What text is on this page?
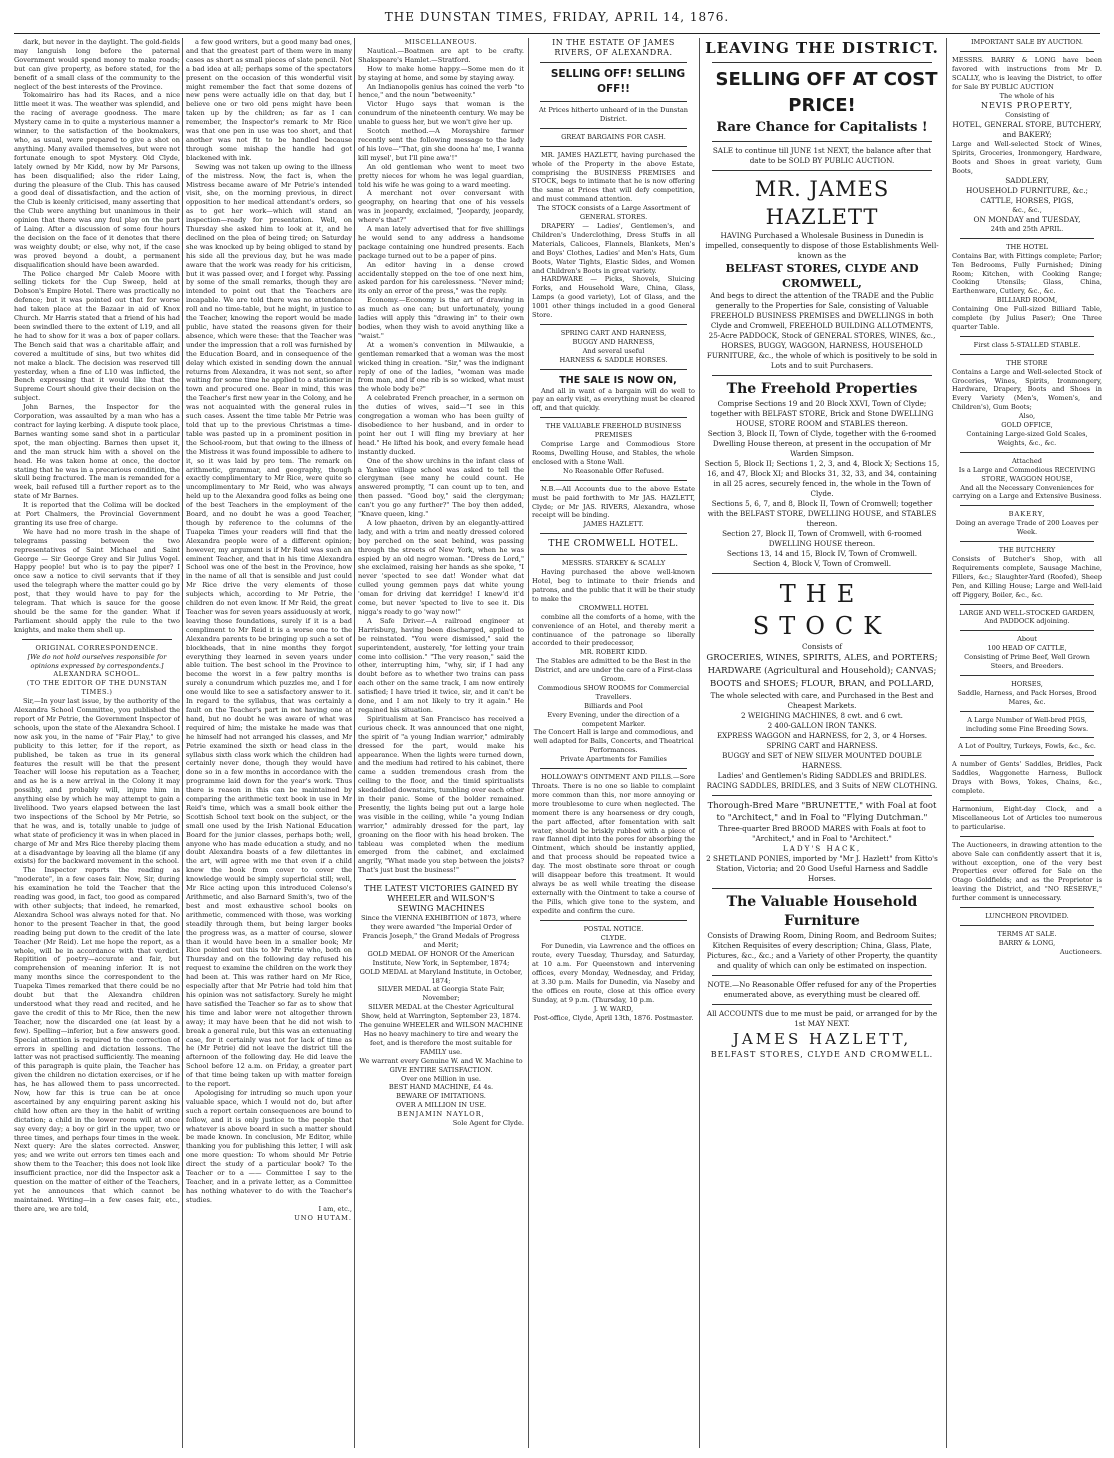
THE DUNSTAN TIMES, FRIDAY, APRIL 14, 1876.

dark, but never in the daylight. The gold-fields may languish long before the paternal Government would spend money to make roads; but can give property, as before stated, for the benefit of a small class of the community to the neglect of the best interests of the Province.

Tokomairiro has had its Races, and a nice little meet it was. The weather was splendid, and the racing of average goodness. The mare Mystery came in to quite a mysterious manner a winner, to the satisfaction of the bookmakers, who, as usual, were prepared to give a shot on anything. Many availed themselves, but were not fortunate enough to spot Mystery. Old Clyde, lately owned by Mr Kidd, now by Mr Parsons, has been disqualified; also the rider Laing, during the pleasure of the Club. This has caused a good deal of dissatisfaction, and the action of the Club is keenly criticised, many asserting that the Club were anything but unanimous in their opinion that there was any foul play on the part of Laing. After a discussion of some four hours the decision on the face of it denotes that there was weighty doubt; or else, why not, if the case was proved beyond a doubt, a permanent disqualification should have been awarded.

The Police charged Mr Caleb Moore with selling tickets for the Cup Sweep, held at Dobson's Empire Hotel. There was practically no defence; but it was pointed out that for worse had taken place at the Bazaar in aid of Knox Church. Mr Harris stated that a friend of his had been swindled there to the extent of L19, and all he had to show for it was a box of paper collars. The Bench said that was a charitable affair, and covered a multitude of sins, but two whites did not make a black. The decision was reserved till yesterday, when a fine of L10 was inflicted, the Bench expressing that it would like that the Supreme Court should give their decision on the subject.

John Barnes, the Inspector for the Corporation, was assaulted by a man who has a contract for laying kerbing. A dispute took place, Barnes wanting some sand shot in a particular spot, the man objecting. Barnes then upset it, and the man struck him with a shovel on the head. He was taken home at once, the doctor stating that he was in a precarious condition, the skull being fractured. The man is remanded for a week, bail refused till a further report as to the state of Mr Barnes.

It is reported that the Colima will be docked at Port Chalmers, the Provincial Government granting its use free of charge.

We have had no more trash in the shape of telegrams passing between the two representatives of Saint Michael and Saint George — Sir George Grey and Sir Julius Vogel. Happy people! but who is to pay the piper? I once saw a notice to civil servants that if they used the telegraph where the matter could go by post, that they would have to pay for the telegram. That which is sauce for the goose should be the same for the gander. What if Parliament should apply the rule to the two knights, and make them shell up.

ORIGINAL CORRESPONDENCE.

[We do not hold ourselves responsible for opinions expressed by correspondents.]

ALEXANDRA SCHOOL.

(TO THE EDITOR OF THE DUNSTAN TIMES.)

Sir,—In your last issue, by the authority of the Alexandra School Committee, you published the report of Mr Petrie, the Government Inspector of schools, upon the state of the Alexandra School. I now ask you, in the name of "Fair Play," to give publicity to this letter, for if the report, as published, be taken as true in its general features the result will be that the present Teacher will loose his reputation as a Teacher, and as he is a new arrival in the Colony it may possibly, and probably will, injure him in anything else by which he may attempt to gain a livelihood. Two years elapsed between the last two inspections of the School by Mr Petrie, so that he was, and is, totally unable to judge of what state of proficiency it was in when placed in charge of Mr and Mrs Rice thereby placing them at a disadvantage by leaving all the blame (if any exists) for the backward movement in the school.

The Inspector reports the reading as "moderate", in a few cases fair. Now, Sir, during his examination he told the Teacher that the reading was good, in fact, too good as compared with other subjects; that indeed, he remarked, Alexandra School was always noted for that. No honor to the present Teacher in that, the good reading being put down to the credit of the late Teacher (Mr Reid). Let me hope the report, as a whole, will be in accordance with that verdict. Repitition of poetry—accurate and fair, but comprehension of meaning inferior. It is not many months since the correspondent to the Tuapeka Times remarked that there could be no doubt but that the Alexandra children understood what they read and recited, and he gave the credit of this to Mr Rice, then the new Teacher, now the discarded one (at least by a few). Spelling—inferior, but a few answers good. Special attention is required to the correction of errors in spelling and dictation lessons. The latter was not practised sufficiently. The meaning of this paragraph is quite plain, the Teacher has given the children no dictation exercises, or if he has, he has allowed them to pass uncorrected. Now, how far this is true can be at once ascertained by any enquiring parent asking his child how often are they in the habit of writing dictation; a child in the lower room will at once say every day; a boy or girl in the upper, two or three times, and perhaps four times in the week. Next query: Are the slates corrected. Answer, yes; and we write out errors ten times each and show them to the Teacher; this does not look like insufficient practice, nor did the Inspector ask a question on the matter of either of the Teachers, yet he announces that which cannot be maintained. Writing—in a few cases fair, etc., there are, we are told,

a few good writers, but a good many bad ones, and that the greatest part of them were in many cases as short as small pieces of slate pencil. Not a bad idea at all; perhaps some of the spectators present on the occasion of this wonderful visit might remember the fact that some dozens of new pens were actually idle on that day, but I believe one or two old pens might have been taken up by the children; as far as I can remember, the Inspector's remark to Mr Rice was that one pen in use was too short, and that another was not fit to be handled because through some mishap the handle had got blackened with ink.

Sewing was not taken up owing to the illness of the mistress. Now, the fact is, when the Mistress became aware of Mr Petrie's intended visit, she, on the morning previous, in direct opposition to her medical attendant's orders, so as to get her work—which will stand an inspection—ready for presentation. Well, on Thursday she asked him to look at it, and he declined on the plea of being tired; on Saturday she was knocked up by being obliged to stand by his side all the previous day, but he was made aware that the work was ready for his criticism, but it was passed over, and I forget why. Passing by some of the small remarks, though they are intended to point out that the Teachers are incapable. We are told there was no attendance roll and no time-table, but he might, in justice to the Teacher, knowing the report would be made public, have stated the reasons given for their absence, which were these: that the Teacher was under the impression that a roll was furnished by the Education Board, and in consequence of the delay which existed in sending down the annual returns from Alexandra, it was not sent, so after waiting for some time he applied to a stationer in town and procured one. Bear in mind, this was the Teacher's first new year in the Colony, and he was not acquainted with the general rules in such cases. Assent the time table Mr Petrie was told that up to the previous Christmas a time-table was pasted up in a prominent position in the School-room, but that owing to the illness of the Mistress it was found impossible to adhere to it, so it was laid by pro tem. The remark on arithmetic, grammar, and geography, though exactly complimentary to Mr Rice, were quite so uncomplimentary to Mr Reid, who was always held up to the Alexandra good folks as being one of the best Teachers in the employment of the Board, and no doubt he was a good Teacher, though by reference to the columns of the Tuapeka Times your readers will find that the Alexandra people were of a different opinion; however, my argument is if Mr Reid was such an eminent Teacher, and that in his time Alexandra School was one of the best in the Province, how in the name of all that is sensible and just could Mr Rice drive the very elements of those subjects which, according to Mr Petrie, the children do not even know. If Mr Reid, the great Teacher was for seven years assiduously at work, leaving those foundations, surely if it is a bad compliment to Mr Reid it is a worse one to the Alexandra parents to be bringing up such a set of blockheads, that in nine months they forgot everything they learned in seven years under able tuition. The best school in the Province to become the worst in a few paltry months is surely a conundrum which puzzles me, and I for one would like to see a satisfactory answer to it. In regard to the syllabus, that was certainly a fault on the Teacher's part in not having one at hand, but no doubt he was aware of what was required of him; the mistake he made was that he himself had not arranged his classes, and Mr Petrie examined the sixth or head class in the syllabus sixth class work which the children had certainly never done, though they would have done so in a few months in accordance with the programme laid down for the year's work. Thus there is reason in this can be maintained by comparing the arithmetic text book in use in Mr Reid's time, which was a small book either the Scottish School text book on the subject, or the small one used by the Irish National Education Board for the junior classes, perhaps both; well, anyone who has made education a study, and no doubt Alexandra boasts of a few dilettantes in the art, will agree with me that even if a child knew the book from cover to cover the knowledge would be simply superficial still; well, Mr Rice acting upon this introduced Colenso's Arithmetic, and also Barnard Smith's, two of the best and most exhaustive school books on arithmetic, commenced with those, was working steadily through them, but being larger books the progress was, as a matter of course, slower than it would have been in a smaller book; Mr Rice pointed out this to Mr Petrie who, both on Thursday and on the following day refused his request to examine the children on the work they had been at. This was rather hard on Mr Rice, especially after that Mr Petrie had told him that his opinion was not satisfactory. Surely he might have satisfied the Teacher so far as to show that his time and labor were not altogether thrown away; it may have been that he did not wish to break a general rule, but this was an extenuating case, for it certainly was not for lack of time as he (Mr Petrie) did not leave the district till the afternoon of the following day. He did leave the School before 12 a.m. on Friday, a greater part of that time being taken up with matter foreign to the report.

Apologising for intruding so much upon your valuable space, which I would not do, but after such a report certain consequences are bound to follow, and it is only justice to the people that whatever is above board in such a matter should be made known. In conclusion, Mr Editor, while thanking you for publishing this letter, I will ask one more question: To whom should Mr Petrie direct the study of a particular book? To the Teacher or to a —— Committee I say to the Teacher, and in a private letter, as a Committee has nothing whatever to do with the Teacher's studies.

I am, etc.,

UNO HUTAM.

MISCELLANEOUS.

Nautical.—Boatmen are apt to be crafty. Shakspeare's Hamlet.—Stratford.

How to make home happy.—Some men do it by staying at home, and some by staying away.

An Indianopolis genius has coined the verb "to hence," and the noun "betweenity."

Victor Hugo says that woman is the conundrum of the nineteenth century. We may be unable to guess her, but we won't give her up.

Scotch method.—A Morayshire farmer recently sent the following message to the lady of his love—"That, gin she doona ha' me, I wanna kill mysel', but I'll pine awa'!"

An old gentleman who went to meet two pretty nieces for whom he was legal guardian, told his wife he was going to a ward meeting.

A merchant not over conversant with geography, on hearing that one of his vessels was in jeopardy, exclaimed, "Jeopardy, jeopardy, where's that?"

A man lately advertised that for five shillings he would send to any address a handsome package containing one hundred presents. Each package turned out to be a paper of pins.

An editor having in a dense crowd accidentally stepped on the toe of one next him, asked pardon for his carelessness. "Never mind; its only an error of the press," was the reply.

Economy.—Economy is the art of drawing in as much as one can; but unfortunately, young ladies will apply this "drawing in" to their own bodies, when they wish to avoid anything like a "waist."

At a women's convention in Milwaukie, a gentleman remarked that a woman was the most wicked thing in creation. "Sir," was the indignant reply of one of the ladies, "woman was made from man, and if one rib is so wicked, what must the whole body be?"

A celebrated French preacher, in a sermon on the duties of wives, said—"I see in this congregation a woman who has been guilty of disobedience to her husband, and in order to point her out I will fling my breviary at her head." He lifted his book, and every female head instantly ducked.

One of the show urchins in the infant class of a Yankee village school was asked to tell the clergyman (see many he could count. He answered promptly, "I can count up to ten, and then passed. "Good boy," said the clergyman; can't you go any further?" The boy then added, "Knave queen, king."

A low phaeton, driven by an elegantly-attired lady, and with a trim and neatly dressed colored boy perched on the seat behind, was passing through the streets of New York, when he was espied by an old negro woman. "Dress de Lord," she exclaimed, raising her hands as she spoke, "I never 'spected to see dat! Wonder what dat culled young gemmen pays dat white young 'oman for driving dat kerridge! I knew'd it'd come, but never 'spected to live to see it. Dis nigga's ready to go 'way now!"

A Safe Driver.—A railroad engineer at Harrisburg, having been discharged, applied to be reinstated. "You were dismissed," said the superintendent, austerely, "for letting your train come into collision." "The very reason," said the other, interrupting him, "why, sir, if I had any doubt before as to whether two trains can pass each other on the same track, I am now entirely satisfied; I have tried it twice, sir, and it can't be done, and I am not likely to try it again." He regained his situation.

Spiritualism at San Francisco has received a curious check. It was announced that one night, the spirit of "a young Indian warrior," admirably dressed for the part, would make his appearance. When the lights were turned down, and the medium had retired to his cabinet, there came a sudden tremendous crash from the ceiling to the floor, and the timid spiritualists skedaddled downstairs, tumbling over each other in their panic. Some of the bolder remained. Presently, the lights being put out a large hole was visible in the ceiling, while "a young Indian warrior," admirably dressed for the part, lay groaning on the floor with his head broken. The tableau was completed when the medium emerged from the cabinet, and exclaimed angrily, "What made you step between the joists? That's just bust the business!"

THE LATEST VICTORIES GAINED BY

WHEELER and WILSON'S

SEWING MACHINES

Since the VIENNA EXHIBITION of 1873, where they were awarded "the Imperial Order of Francis Joseph," the Grand Medals of Progress and Merit;

GOLD MEDAL OF HONOR Of the American Institute, New York, in September, 1874;

GOLD MEDAL at Maryland Institute, in October, 1874;

SILVER MEDAL at Georgia State Fair, November;

SILVER MEDAL at the Chester Agricultural Show, held at Warrington, September 23, 1874.

The genuine WHEELER and WILSON MACHINE Has no heavy machinery to tire and weary the feet, and is therefore the most suitable for FAMILY use.

We warrant every Genuine W. and W. Machine to GIVE ENTIRE SATISFACTION.

Over one Million in use.

BEST HAND MACHINE, £4 4s.

BEWARE OF IMITATIONS.

OVER A MILLION IN USE.

BENJAMIN NAYLOR,

Sole Agent for Clyde.

IN THE ESTATE OF JAMES RIVERS, OF ALEXANDRA.

SELLING OFF! SELLING OFF!!

At Prices hitherto unheard of in the Dunstan District.

GREAT BARGAINS FOR CASH.

MR. JAMES HAZLETT, having purchased the whole of the Property in the above Estate, comprising the BUSINESS PREMISES and STOCK, begs to intimate that he is now offering the same at Prices that will defy competition, and must command attention.

The STOCK consists of a Large Assortment of

GENERAL STORES.

DRAPERY — Ladies', Gentlemen's, and Children's Underclothing, Dress Stuffs in all Materials, Calicoes, Flannels, Blankets, Men's and Boys' Clothes, Ladies' and Men's Hats, Gum Boots, Water Tights, Elastic Sides, and Women and Children's Boots in great variety.

HARDWARE — Picks, Shovels, Sluicing Forks, and Household Ware, China, Glass, Lamps (a good variety), Lot of Glass, and the 1001 other things included in a good General Store.

SPRING CART AND HARNESS,

BUGGY AND HARNESS,

And several useful

HARNESS & SADDLE HORSES.

THE SALE IS NOW ON,

And all in want of a bargain will do well to pay an early visit, as everything must be cleared off, and that quickly.

THE VALUABLE FREEHOLD BUSINESS PREMISES

Comprise Large and Commodious Store Rooms, Dwelling House, and Stables, the whole enclosed with a Stone Wall.

No Reasonable Offer Refused.

N.B.—All Accounts due to the above Estate must be paid forthwith to Mr JAS. HAZLETT, Clyde; or Mr JAS. RIVERS, Alexandra, whose receipt will be binding.

JAMES HAZLETT.

THE CROMWELL HOTEL.

MESSRS. STARKEY & SCALLY

Having purchased the above well-known Hotel, beg to intimate to their friends and patrons, and the public that it will be their study to make the

CROMWELL HOTEL

combine all the comforts of a home, with the convenience of an Hotel, and thereby merit a continuance of the patronage so liberally accorded to their predecessor,

MR. ROBERT KIDD.

The Stables are admitted to be the Best in the District, and are under the care of a First-class Groom.

Commodious SHOW ROOMS for Commercial Travellers.

Billiards and Pool

Every Evening, under the direction of a competent Marker.

The Concert Hall is large and commodious, and well adapted for Balls, Concerts, and Theatrical Performances.

Private Apartments for Families

HOLLOWAY'S OINTMENT AND PILLS.—Sore Throats. There is no one so liable to complaint more common than this, nor more annoying or more troublesome to cure when neglected. The moment there is any hoarseness or dry cough, the part affected, after fomentation with salt water, should be briskly rubbed with a piece of raw flannel dipt into the pores for absorbing the Ointment, which should be instantly applied, and that process should be repeated twice a day. The most obstinate sore throat or cough will disappear before this treatment. It would always be as well while treating the disease externally with the Ointment to take a course of the Pills, which give tone to the system, and expedite and confirm the cure.

POSTAL NOTICE.

CLYDE.

For Dunedin, via Lawrence and the offices en route, every Tuesday, Thursday, and Saturday, at 10 a.m. For Queenstown and intervening offices, every Monday, Wednesday, and Friday, at 3.30 p.m. Mails for Dunedin, via Naseby and the offices en route, close at this office every Sunday, at 9 p.m. (Thursday, 10 p.m.

J. W. WARD,

Post-office, Clyde, April 13th, 1876. Postmaster.

LEAVING THE DISTRICT.

SELLING OFF AT COST PRICE!

Rare Chance for Capitalists !

SALE to continue till JUNE 1st NEXT, the balance after that date to be SOLD BY PUBLIC AUCTION.

MR. JAMES HAZLETT

HAVING Purchased a Wholesale Business in Dunedin is impelled, consequently to dispose of those Establishments Well-known as the

BELFAST STORES, CLYDE AND CROMWELL,

And begs to direct the attention of the TRADE and the Public generally to the Properties for Sale, consisting of Valuable FREEHOLD BUSINESS PREMISES and DWELLINGS in both Clyde and Cromwell, FREEHOLD BUILDING ALLOTMENTS, 25-Acre PADDOCK, Stock of GENERAL STORES, WINES, &c., HORSES, BUGGY, WAGGON, HARNESS, HOUSEHOLD FURNITURE, &c., the whole of which is positively to be sold in Lots and to suit Purchasers.

The Freehold Properties

Comprise Sections 19 and 20 Block XXVI, Town of Clyde; together with BELFAST STORE, Brick and Stone DWELLING HOUSE, STORE ROOM and STABLES thereon.

Section 3, Block II, Town of Clyde, together with the 6-roomed Dwelling House thereon, at present in the occupation of Mr Warden Simpson.

Section 5, Block II; Sections 1, 2, 3, and 4, Block X; Sections 15, 16, and 47, Block XI; and Blocks 31, 32, 33, and 34, containing in all 25 acres, securely fenced in, the whole in the Town of Clyde.

Sections 5, 6, 7, and 8, Block II, Town of Cromwell; together with the BELFAST STORE, DWELLING HOUSE, and STABLES thereon.

Section 27, Block II, Town of Cromwell, with 6-roomed DWELLING HOUSE thereon.

Sections 13, 14 and 15, Block IV, Town of Cromwell.

Section 4, Block V, Town of Cromwell.

THE STOCK

Consists of

GROCERIES, WINES, SPIRITS, ALES, and PORTERS; HARDWARE (Agricultural and Household); CANVAS; BOOTS and SHOES; FLOUR, BRAN, and POLLARD,

The whole selected with care, and Purchased in the Best and Cheapest Markets.

2 WEIGHING MACHINES, 8 cwt. and 6 cwt.

2 400-GALLON IRON TANKS.

EXPRESS WAGGON and HARNESS, for 2, 3, or 4 Horses.

SPRING CART and HARNESS.

BUGGY and SET of NEW SILVER MOUNTED DOUBLE HARNESS.

Ladies' and Gentlemen's Riding SADDLES and BRIDLES.

RACING SADDLES, BRIDLES, and 3 Suits of NEW CLOTHING.

Thorough-Bred Mare "BRUNETTE," with Foal at foot to "Architect," and in Foal to "Flying Dutchman."

Three-quarter Bred BROOD MARES with Foals at foot to "Architect," and in Foal to "Architect."

LADY'S HACK,

2 SHETLAND PONIES, imported by "Mr J. Hazlett" from Kitto's Station, Victoria; and 20 Good Useful Harness and Saddle Horses.

The Valuable Household Furniture

Consists of Drawing Room, Dining Room, and Bedroom Suites; Kitchen Requisites of every description; China, Glass, Plate, Pictures, &c., &c.; and a Variety of other Property, the quantity and quality of which can only be estimated on inspection.

NOTE.—No Reasonable Offer refused for any of the Properties enumerated above, as everything must be cleared off.

All ACCOUNTS due to me must be paid, or arranged for by the 1st MAY NEXT.

JAMES HAZLETT,

BELFAST STORES, CLYDE AND CROMWELL.

IMPORTANT SALE BY AUCTION.

MESSRS. BARRY & LONG have been favored with instructions from Mr D. SCALLY, who is leaving the District, to offer for Sale BY PUBLIC AUCTION

The whole of his

NEVIS PROPERTY,

Consisting of

HOTEL, GENERAL STORE, BUTCHERY, and BAKERY;

Large and Well-selected Stock of Wines, Spirits, Groceries, Ironmongery, Hardware, Boots and Shoes in great variety, Gum Boots,

SADDLERY,

HOUSEHOLD FURNITURE, &c.;

CATTLE, HORSES, PIGS,

&c., &c.,

ON MONDAY and TUESDAY,

24th and 25th APRIL.

THE HOTEL

Contains Bar, with Fittings complete; Parlor; Ten Bedrooms, Fully Furnished; Dining Room; Kitchen, with Cooking Range; Cooking Utensils; Glass, China, Earthenware, Cutlery, &c., &c.

BILLIARD ROOM,

Containing One Full-sized Billiard Table, complete (by Julius Paser); One Three quarter Table.

First class 5-STALLED STABLE.

THE STORE

Contains a Large and Well-selected Stock of Groceries, Wines, Spirits, Ironmongery, Hardware, Drapery, Boots and Shoes in Every Variety (Men's, Women's, and Children's), Gum Boots;

Also,

GOLD OFFICE,

Containing Large-sized Gold Scales, Weights, &c., &c.

Attached

Is a Large and Commodious RECEIVING STORE, WAGGON HOUSE,

And all the Necessary Conveniences for carrying on a Large and Extensive Business.

BAKERY,

Doing an average Trade of 200 Loaves per Week.

THE BUTCHERY

Consists of Butcher's Shop, with all Requirements complete, Sausage Machine, Fillers, &c.; Slaughter-Yard (Roofed), Sheep Pen, and Killing House; Large and Well-laid off Piggery, Boiler, &c., &c.

LARGE AND WELL-STOCKED GARDEN,

And PADDOCK adjoining.

About

100 HEAD OF CATTLE,

Consisting of Prime Beef, Well Grown Steers, and Breeders.

HORSES,

Saddle, Harness, and Pack Horses, Brood Mares, &c.

A Large Number of Well-bred PIGS, including some Fine Breeding Sows.

A Lot of Poultry, Turkeys, Fowls, &c., &c.

A number of Gents' Saddles, Bridles, Pack Saddles, Waggonette Harness, Bullock Drays with Bows, Yokes, Chains, &c., complete.

Harmonium, Eight-day Clock, and a Miscellaneous Lot of Articles too numerous to particularise.

The Auctioneers, in drawing attention to the above Sale can confidently assert that it is, without exception, one of the very best Properties ever offered for Sale on the Otago Goldfields; and as the Proprietor is leaving the District, and "NO RESERVE," further comment is unnecessary.

LUNCHEON PROVIDED.

TERMS AT SALE.

BARRY & LONG,

Auctioneers.
